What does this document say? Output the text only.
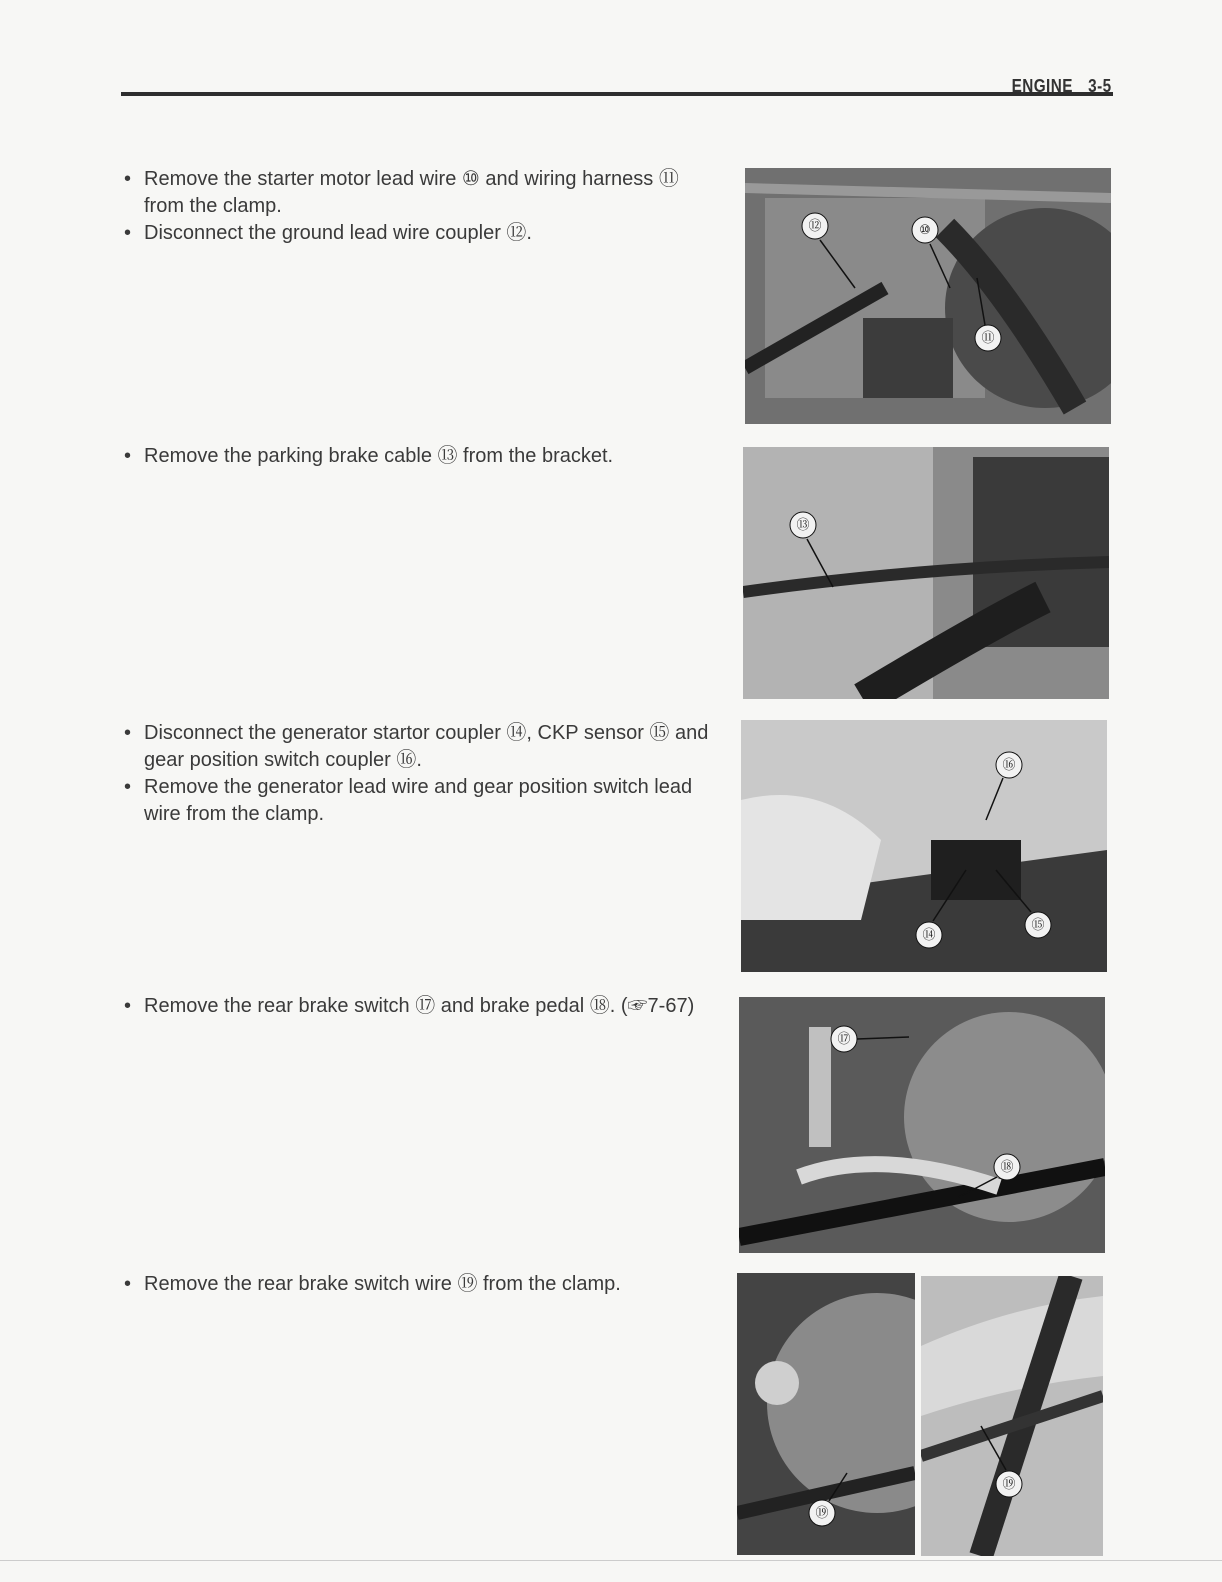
ENGINE 3-5
• Remove the starter motor lead wire ⑩ and wiring harness ⑪ from the clamp.
• Disconnect the ground lead wire coupler ⑫.	⑫	⑩
⑪
• Remove the parking brake cable ⑬ from the bracket.
⑬
• Disconnect the generator startor coupler ⑭, CKP sensor ⑮ and gear position switch coupler ⑯.
• Remove the generator lead wire and gear position switch lead wire from the clamp.
⑯
⑭
⑮
• Remove the rear brake switch ⑰ and brake pedal ⑱. (☞7-67)
⑰
⑱
• Remove the rear brake switch wire ⑲ from the clamp.
⑲
⑲
